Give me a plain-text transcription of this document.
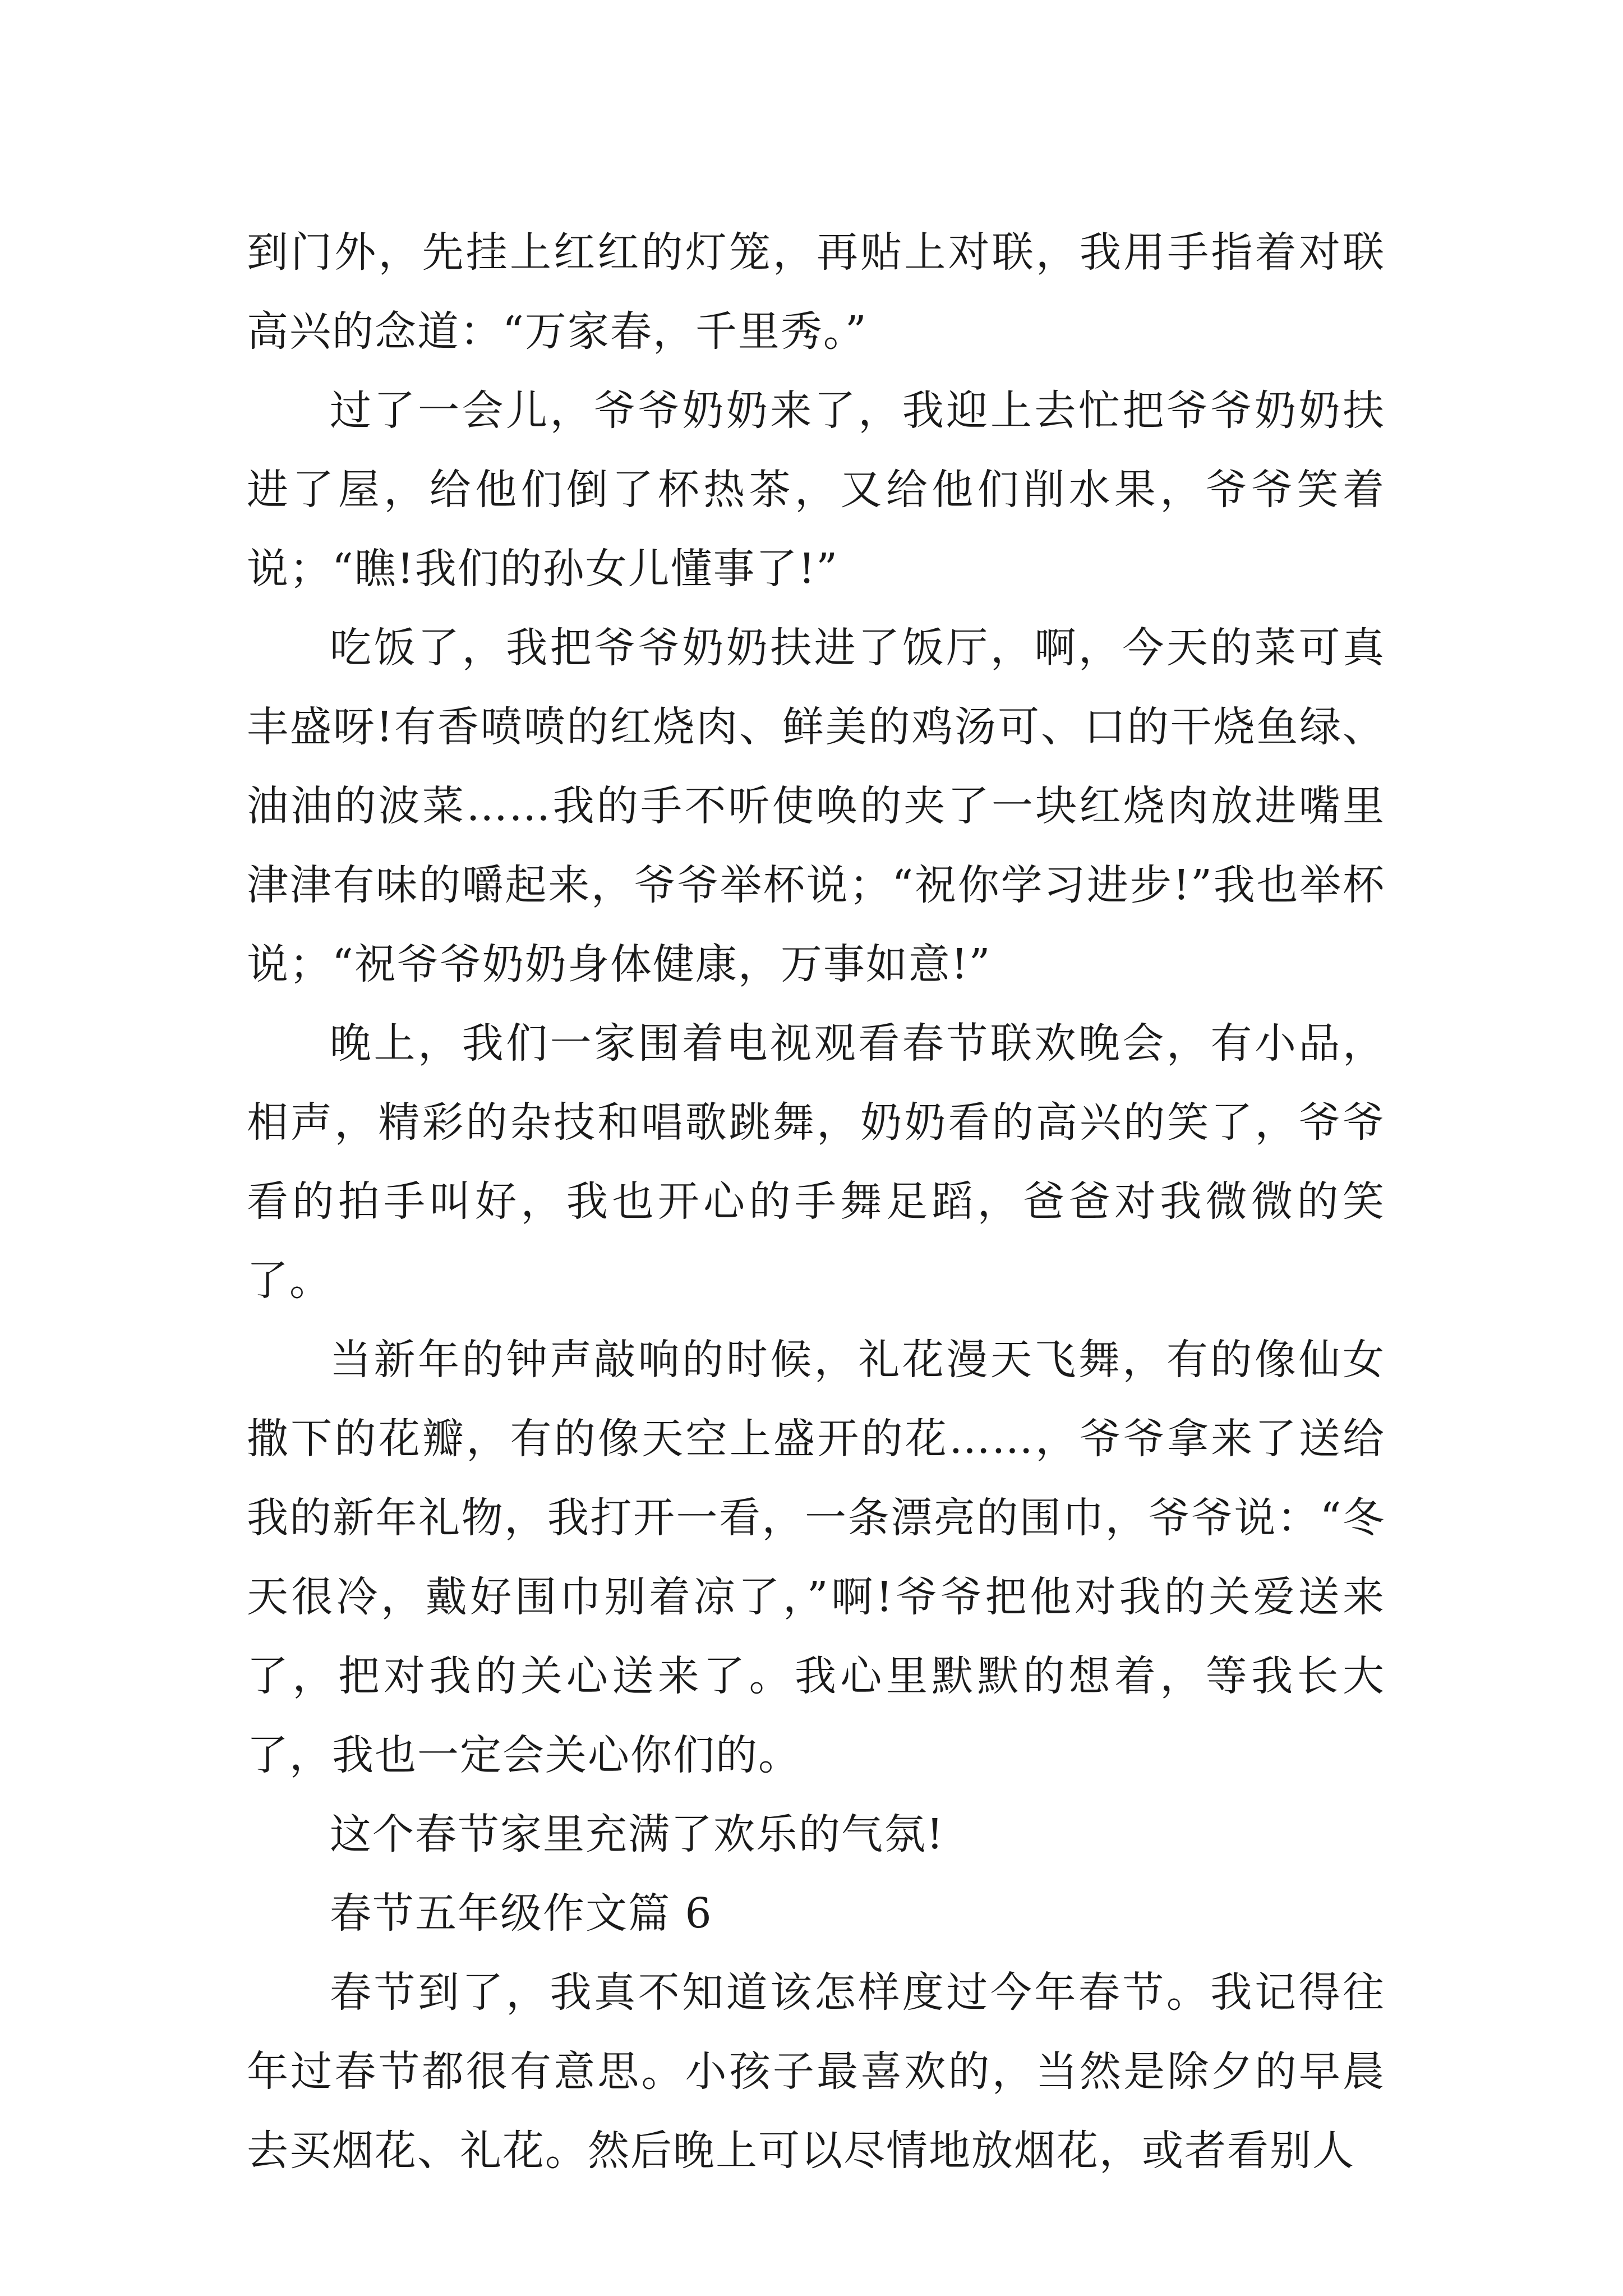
到门外，先挂上红红的灯笼，再贴上对联，我用手指着对联高兴的念道：“万家春，千里秀。”

过了一会儿，爷爷奶奶来了，我迎上去忙把爷爷奶奶扶进了屋，给他们倒了杯热茶，又给他们削水果，爷爷笑着说；“瞧!我们的孙女儿懂事了!”

吃饭了，我把爷爷奶奶扶进了饭厅，啊，今天的菜可真丰盛呀!有香喷喷的红烧肉、鲜美的鸡汤可、口的干烧鱼绿、油油的波菜……我的手不听使唤的夹了一块红烧肉放进嘴里津津有味的嚼起来，爷爷举杯说；“祝你学习进步!”我也举杯说；“祝爷爷奶奶身体健康，万事如意!”

晚上，我们一家围着电视观看春节联欢晚会，有小品，相声，精彩的杂技和唱歌跳舞，奶奶看的高兴的笑了，爷爷看的拍手叫好，我也开心的手舞足蹈，爸爸对我微微的笑了。

当新年的钟声敲响的时候，礼花漫天飞舞，有的像仙女撒下的花瓣，有的像天空上盛开的花……，爷爷拿来了送给我的新年礼物，我打开一看，一条漂亮的围巾，爷爷说：“冬天很冷，戴好围巾别着凉了，”啊!爷爷把他对我的关爱送来了，把对我的关心送来了。我心里默默的想着，等我长大了，我也一定会关心你们的。

这个春节家里充满了欢乐的气氛!

春节五年级作文篇 6

春节到了，我真不知道该怎样度过今年春节。我记得往年过春节都很有意思。小孩子最喜欢的，当然是除夕的早晨去买烟花、礼花。然后晚上可以尽情地放烟花，或者看别人
